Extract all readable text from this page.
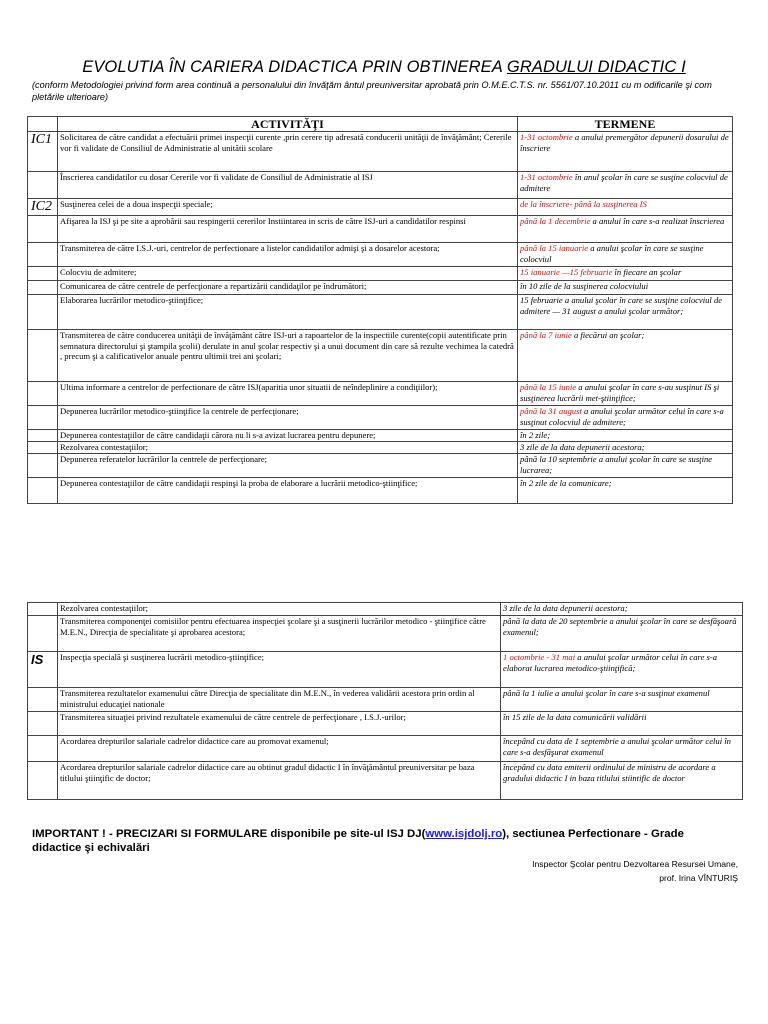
EVOLUTIA ÎN CARIERA DIDACTICA PRIN OBTINEREA GRADULUI DIDACTIC I
(conform Metodologiei privind form area continuă a personalului din învăţăm ântul preuniversitar aprobată prin O.M.E.C.T.S. nr. 5561/07.10.2011 cu m odificarile şi com pletările ulterioare)
	ACTIVITĂŢI	TERMENE
IC1	Solicitarea de către candidat a efectuării primei inspecţii curente ,prin cerere tip adresată conducerii unităţii de învăţământ; Cererile vor fi validate de Consiliul de Administratie al unitătii scolare	1-31 octombrie a anului premergător depunerii dosarului de înscriere
	Înscrierea candidatilor cu dosar Cererile vor fi validate de Consiliul de Administratie al ISJ	1-31 octombrie în anul şcolar în care se susţine colocviul de admitere
IC2	Susţinerea celei de a doua inspecţii speciale;	de la înscriere- până la susţinerea IS
	Afişarea la ISJ şi pe site a aprobării sau respingerii cererilor Instiintarea in scris de către ISJ-uri a candidatilor respinsi	până la 1 decembrie a anului în care s-a realizat înscrierea
	Transmiterea de către I.S.J.-uri, centrelor de perfectionare a listelor candidatilor admişi şi a dosarelor acestora;	până la 15 ianuarie a anului şcolar în care se susţine colocviul
	Colocviu de admitere;	15 ianuarie —15 februarie în fiecare an şcolar
	Comunicarea de către centrele de perfecţionare a repartizării candidaţilor pe îndrumători;	în 10 zile de la susţinerea colocviului
	Elaborarea lucrărilor metodico-ştiinţifice;	15 februarie a anului şcolar în care se susţine colocviul de admitere — 31 august a anului şcolar următor;
	Transmiterea de către conducerea unităţii de învăţământ către ISJ-uri a rapoartelor de la inspectiile curente(copii autentificate prin semnatura directorului şi ştampila şcolii) derulate in anul şcolar respectiv şi a unui document din care să rezulte vechimea la catedră , precum şi a calificativelor anuale pentru ultimii trei ani şcolari;	până la 7 iunie a fiecărui an şcolar;
	Ultima informare a centrelor de perfectionare de către ISJ(aparitia unor situatii de neîndeplinire a condiţiilor);	până la 15 iunie a anului şcolar în care s-au susţinut IS şi susţinerea lucrării met-ştiinţifice;
	Depunerea lucrărilor metodico-ştiinţifice la centrele de perfecţionare;	până la 31 august a anului şcolar următor celui în care s-a susţinut colocviul de admitere;
	Depunerea contestaţiilor de către candidaţii cărora nu li s-a avizat lucrarea pentru depunere;	în 2 zile;
	Rezolvarea contestaţiilor;	3 zile de la data depunerii acestora;
	Depunerea referatelor lucrărilor la centrele de perfecţionare;	până la 10 septembrie a anului şcolar în care se susţine lucrarea;
	Depunerea contestaţiilor de către candidaţii respinşi la proba de elaborare a lucrării metodico-ştiinţifice;	în 2 zile de la comunicare;
	Rezolvarea contestaţiilor;	3 zile de la data depunerii acestora;
	Transmiterea componenţei comisiilor pentru efectuarea inspecţiei şcolare şi a susţinerii lucrărilor metodico - ştiinţifice către M.E.N., Direcţia de specialitate şi aprobarea acestora;	până la data de 20 septembrie a anului şcolar în care se desfăşoară examenul;
IS	Inspecţia specială şi susţinerea lucrării metodico-ştiinţifice;	1 octombrie - 31 mai a anului şcolar următor celui în care s-a elaborat lucrarea metodico-ştiinţifică;
	Transmiterea rezultatelor examenului către Direcţia de specialitate din M.E.N., în vederea validării acestora prin ordin al ministrului educaţiei nationale	până la 1 iulie a anului şcolar în care s-a susţinut examenul
	Transmiterea situaţiei privind rezultatele examenului de către centrele de perfecţionare , I.S.J.-urilor;	în 15 zile de la data comunicării validării
	Acordarea drepturilor salariale cadrelor didactice care au promovat examenul;	începând cu data de 1 septembrie a anului şcolar următor celui în care s-a desfăşurat examenul
	Acordarea drepturilor salariale cadrelor didactice care au obtinut gradul didactic I în învăţământul preuniversitar pe baza titlului ştiinţific de doctor;	începând cu data emiterii ordinului de ministru de acordare a gradului didactic I in baza titlului stiintific de doctor
IMPORTANT ! - PRECIZARI SI FORMULARE disponibile pe site-ul ISJ DJ(www.isjdolj.ro), sectiunea Perfectionare - Grade didactice şi echivalări
Inspector Şcolar pentru Dezvoltarea Resursei Umane,
prof. Irina VÎNTURIŞ
